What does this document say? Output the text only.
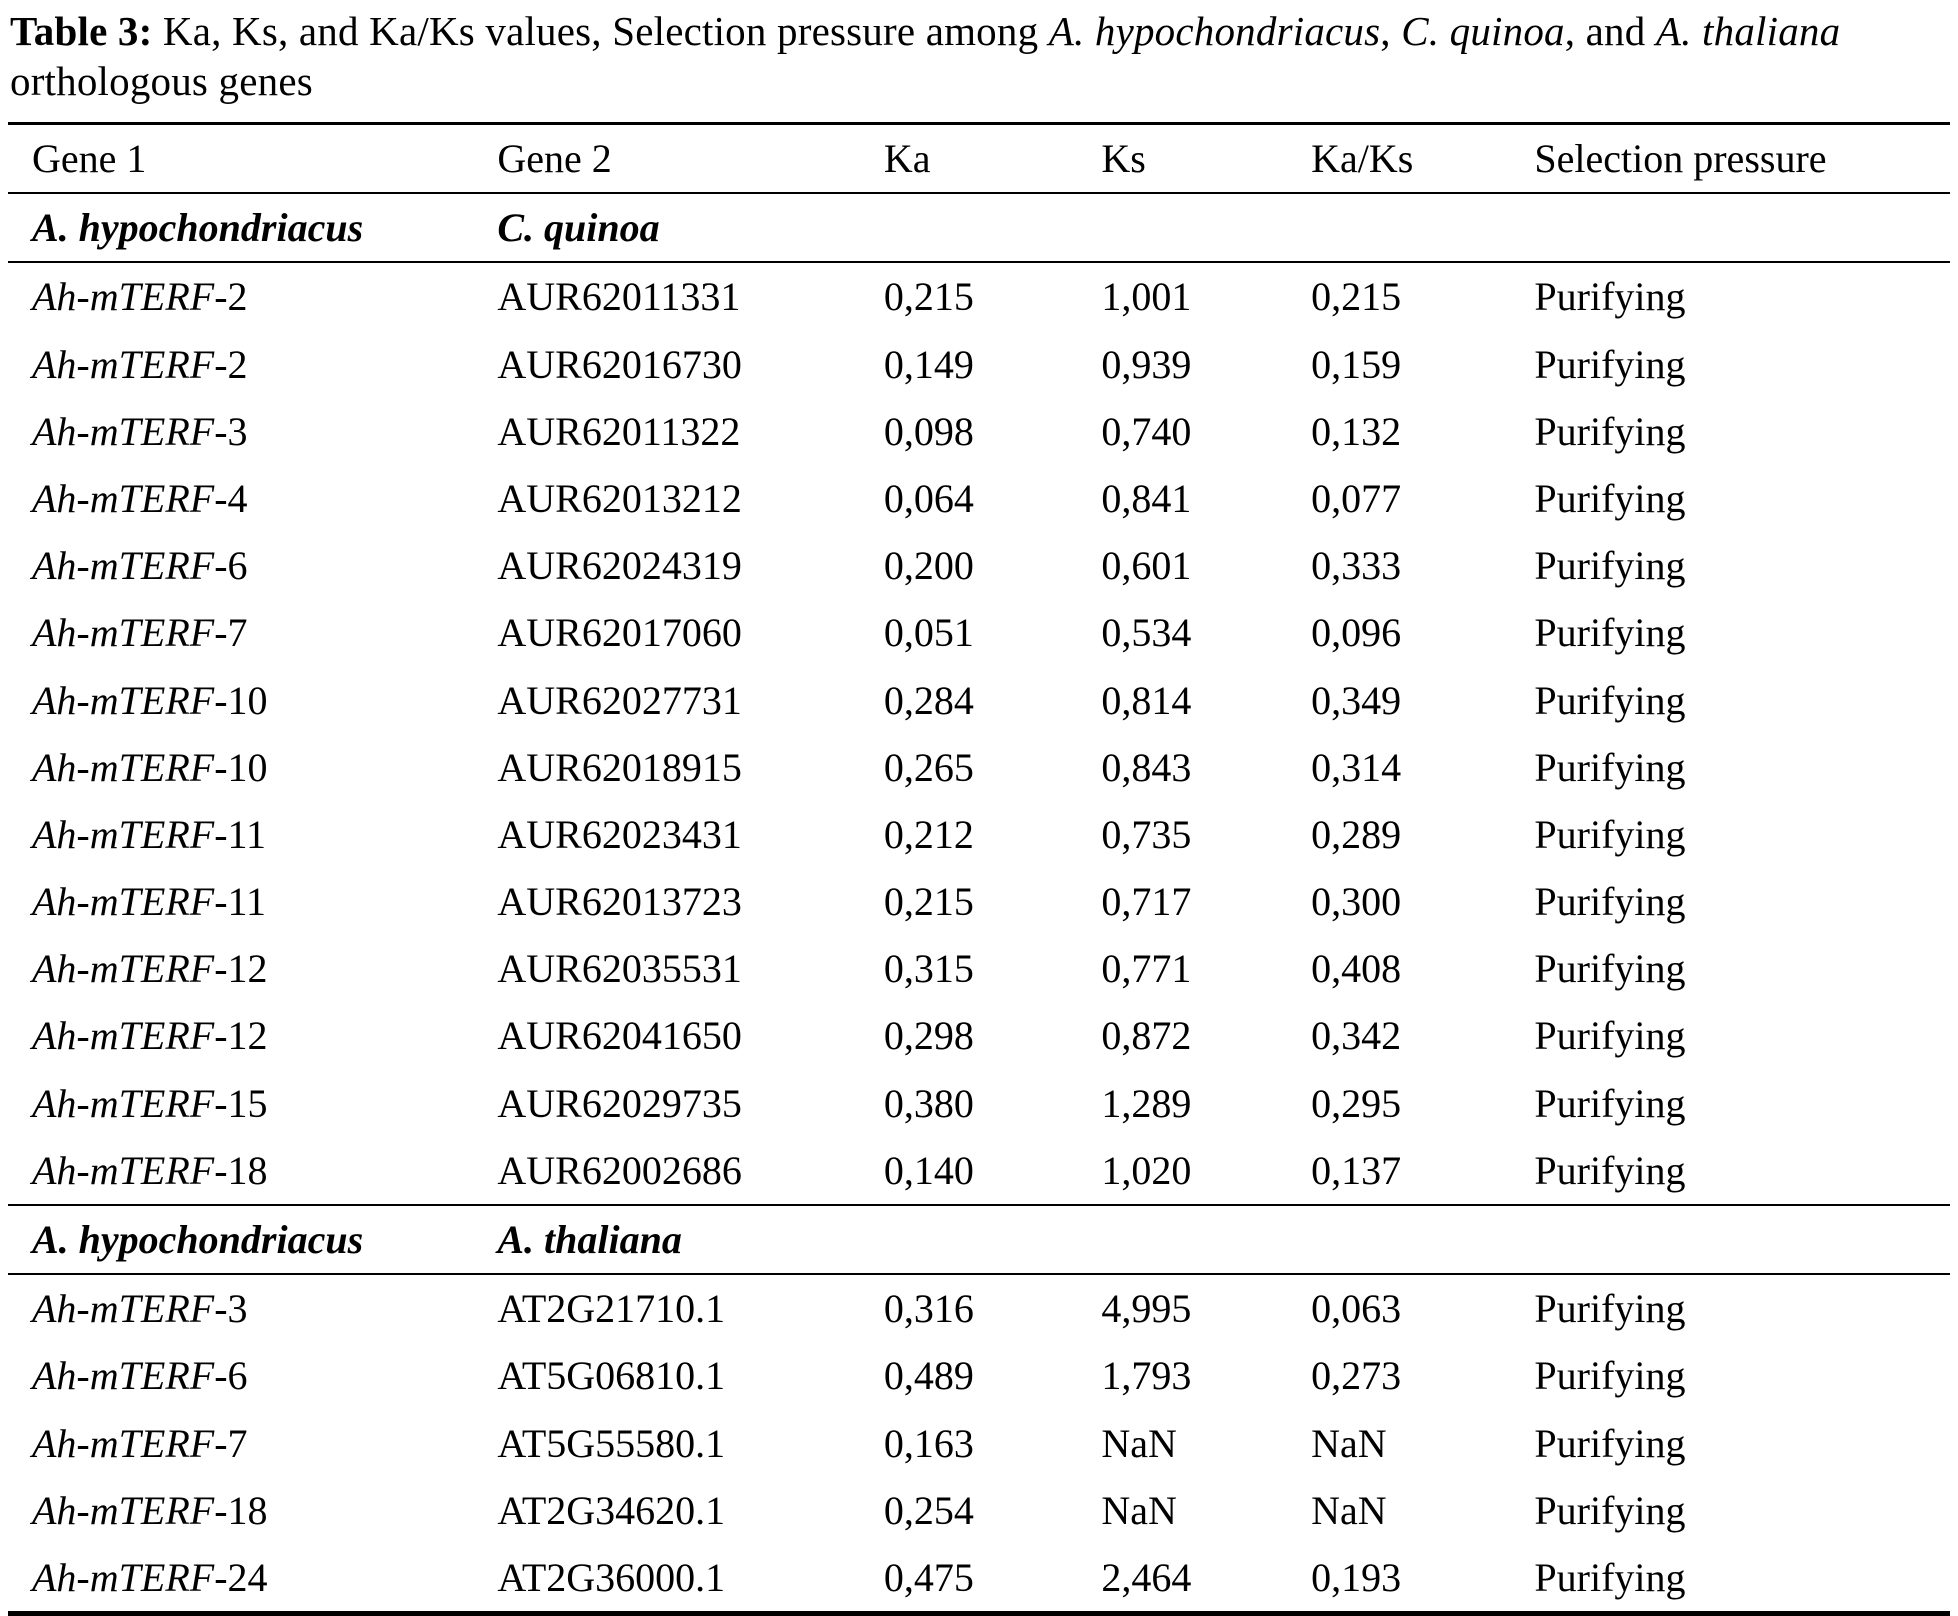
Table 3: Ka, Ks, and Ka/Ks values, Selection pressure among A. hypochondriacus, C. quinoa, and A. thaliana orthologous genes
Gene 1	Gene 2	Ka	Ks	Ka/Ks	Selection pressure
A. hypochondriacus	C. quinoa				
Ah-mTERF-2	AUR62011331	0,215	1,001	0,215	Purifying
Ah-mTERF-2	AUR62016730	0,149	0,939	0,159	Purifying
Ah-mTERF-3	AUR62011322	0,098	0,740	0,132	Purifying
Ah-mTERF-4	AUR62013212	0,064	0,841	0,077	Purifying
Ah-mTERF-6	AUR62024319	0,200	0,601	0,333	Purifying
Ah-mTERF-7	AUR62017060	0,051	0,534	0,096	Purifying
Ah-mTERF-10	AUR62027731	0,284	0,814	0,349	Purifying
Ah-mTERF-10	AUR62018915	0,265	0,843	0,314	Purifying
Ah-mTERF-11	AUR62023431	0,212	0,735	0,289	Purifying
Ah-mTERF-11	AUR62013723	0,215	0,717	0,300	Purifying
Ah-mTERF-12	AUR62035531	0,315	0,771	0,408	Purifying
Ah-mTERF-12	AUR62041650	0,298	0,872	0,342	Purifying
Ah-mTERF-15	AUR62029735	0,380	1,289	0,295	Purifying
Ah-mTERF-18	AUR62002686	0,140	1,020	0,137	Purifying
A. hypochondriacus	A. thaliana				
Ah-mTERF-3	AT2G21710.1	0,316	4,995	0,063	Purifying
Ah-mTERF-6	AT5G06810.1	0,489	1,793	0,273	Purifying
Ah-mTERF-7	AT5G55580.1	0,163	NaN	NaN	Purifying
Ah-mTERF-18	AT2G34620.1	0,254	NaN	NaN	Purifying
Ah-mTERF-24	AT2G36000.1	0,475	2,464	0,193	Purifying
